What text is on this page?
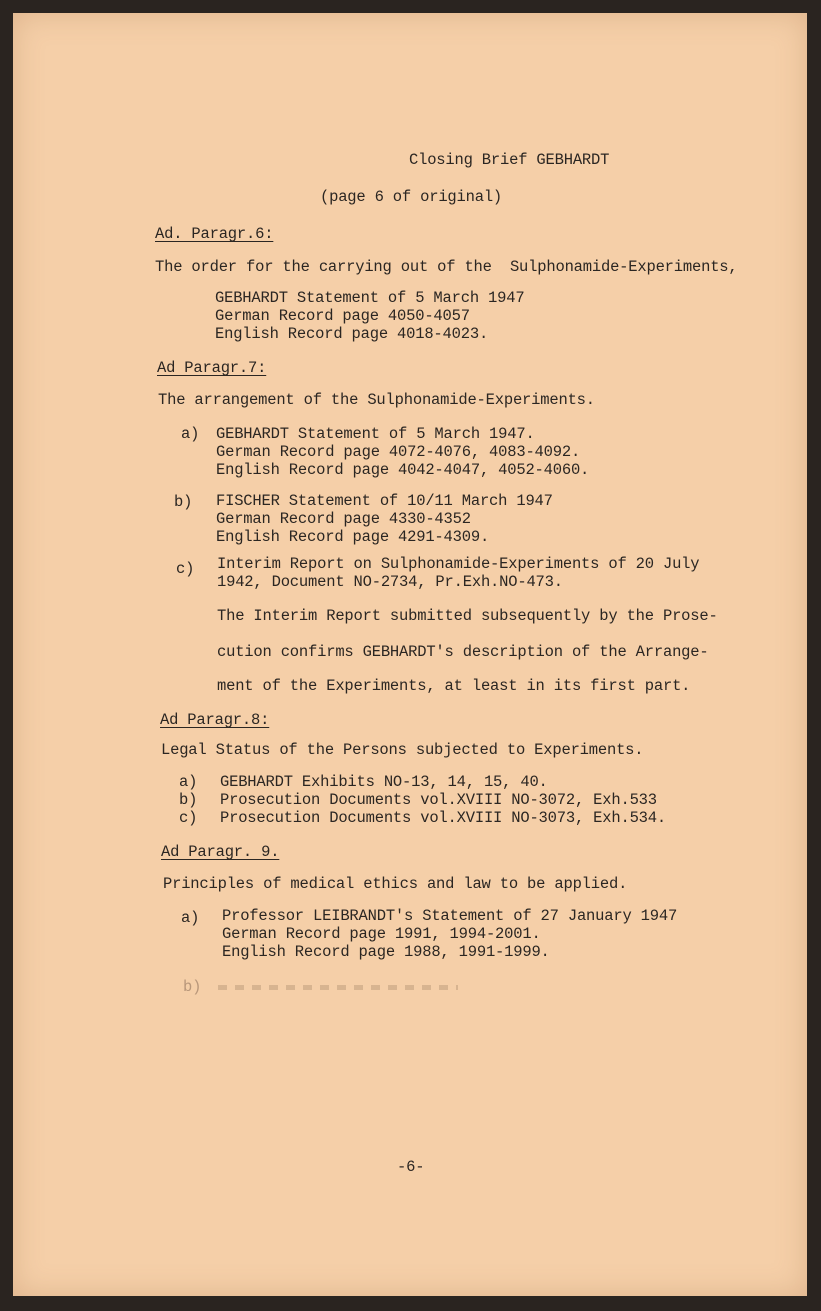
Closing Brief GEBHARDT
(page 6 of original)
Ad. Paragr.6:
The order for the carrying out of the  Sulphonamide-Experiments,
GEBHARDT Statement of 5 March 1947
German Record page 4050-4057
English Record page 4018-4023.
Ad Paragr.7:
The arrangement of the Sulphonamide-Experiments.
a) GEBHARDT Statement of 5 March 1947.
German Record page 4072-4076, 4083-4092.
English Record page 4042-4047, 4052-4060.
b) FISCHER Statement of 10/11 March 1947
German Record page 4330-4352
English Record page 4291-4309.
c) Interim Report on Sulphonamide-Experiments of 20 July
1942, Document NO-2734, Pr.Exh.NO-473.
The Interim Report submitted subsequently by the Prose-
cution confirms GEBHARDT's description of the Arrange-
ment of the Experiments, at least in its first part.
Ad Paragr.8:
Legal Status of the Persons subjected to Experiments.
a) GEBHARDT Exhibits NO-13, 14, 15, 40.
b) Prosecution Documents vol.XVIII NO-3072, Exh.533
c) Prosecution Documents vol.XVIII NO-3073, Exh.534.
Ad Paragr. 9.
Principles of medical ethics and law to be applied.
a) Professor LEIBRANDT's Statement of 27 January 1947
German Record page 1991, 1994-2001.
English Record page 1988, 1991-1999.
b)
-6-
